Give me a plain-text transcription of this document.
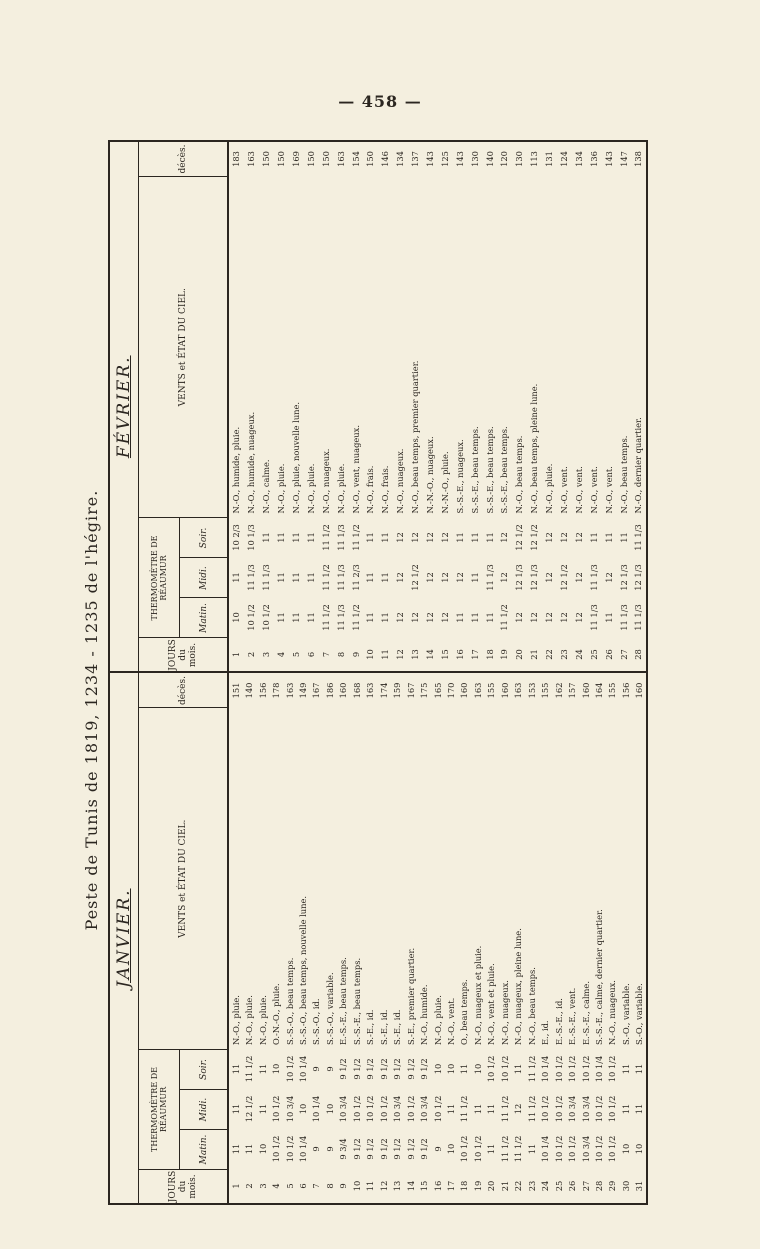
— 458 —
Peste de Tunis de 1819, 1234 - 1235 de l'hégire.
JANVIER.
JOURS du mois.
THERMOMÈTRE DE RÉAUMUR
Matin.
Midi.
Soir.
VENTS et ÉTAT DU CIEL.
décès.
1
11
11
11
N.-O., pluie.
151
2
11
12 1/2
11 1/2
N.-O., pluie.
140
3
10
11
11
N.-O., pluie.
156
4
10 1/2
10 1/2
10
O.-N.-O., pluie.
178
5
10 1/2
10 3/4
10 1/2
S.-S.-O., beau temps.
163
6
10 1/4
10
10 1/4
S.-S.-O., beau temps, nouvelle lune.
149
7
9
10 1/4
9
S.-S.-O., id.
167
8
9
10
9
S.-S.-O., variable.
186
9
9 3/4
10 3/4
9 1/2
E.-S.-E., beau temps.
160
10
9 1/2
10 1/2
9 1/2
S.-S.-E., beau temps.
168
11
9 1/2
10 1/2
9 1/2
S.-E., id.
163
12
9 1/2
10 1/2
9 1/2
S.-E., id.
174
13
9 1/2
10 3/4
9 1/2
S.-E., id.
159
14
9 1/2
10 1/2
9 1/2
S.-E., premier quartier.
167
15
9 1/2
10 3/4
9 1/2
N.-O., humide.
175
16
9
10 1/2
10
N.-O., pluie.
165
17
10
11
10
N.-O., vent.
170
18
10 1/2
11 1/2
11
O., beau temps.
160
19
10 1/2
11
10
N.-O., nuageux et pluie.
163
20
11
11
10 1/2
N.-O., vent et pluie.
155
21
11 1/2
11 1/2
10 1/2
N.-O., nuageux.
160
22
11 1/2
12
11
N.-O., nuageux, pleine lune.
163
23
11
11 1/2
11 1/2
N.-O., beau temps.
153
24
10 1/4
10 1/2
10 1/4
E., id.
155
25
10 1/2
10 1/2
10 1/2
E.-S.-E., id.
162
26
10 1/2
10 3/4
10 1/2
E.-S.-E., vent.
157
27
10 3/4
10 3/4
10 1/2
E.-S.-E., calme.
160
28
10 1/2
10 1/2
10 1/4
S.-S.-E., calme, dernier quartier.
164
29
10 1/2
10 1/2
10 1/2
N.-O., nuageux.
155
30
10
11
11
S.-O., variable.
156
31
10
11
11
S.-O., variable.
160
FÉVRIER.
JOURS du mois.
THERMOMÈTRE DE RÉAUMUR
Matin.
Midi.
Soir.
VENTS et ÉTAT DU CIEL.
décès.
1
10
11
10 2/3
N.-O., humide, pluie.
183
2
10 1/2
11 1/3
10 1/3
N.-O., humide, nuageux.
163
3
10 1/2
11 1/3
11
N.-O., calme.
150
4
11
11
11
N.-O., pluie.
150
5
11
11
11
N.-O., pluie, nouvelle lune.
169
6
11
11
11
N.-O., pluie.
150
7
11 1/2
11 1/2
11 1/2
N.-O., nuageux.
150
8
11 1/3
11 1/3
11 1/3
N.-O., pluie.
163
9
11 1/2
11 2/3
11 1/2
N.-O., vent, nuageux.
154
10
11
11
11
N.-O., frais.
150
11
11
11
11
N.-O., frais.
146
12
12
12
12
N.-O., nuageux.
134
13
12
12 1/2
12
N.-O., beau temps, premier quartier.
137
14
12
12
12
N.-N.-O., nuageux.
143
15
12
12
12
N.-N.-O., pluie.
125
16
11
12
11
S.-S.-E., nuageux.
143
17
11
11
11
S.-S.-E., beau temps.
130
18
11
11 1/3
11
S.-S.-E., beau temps.
140
19
11 1/2
12
12
S.-S.-E., beau temps.
120
20
12
12 1/3
12 1/2
N.-O., beau temps.
130
21
12
12 1/3
12 1/2
N.-O., beau temps, pleine lune.
113
22
12
12
12
N.-O., pluie.
131
23
12
12 1/2
12
N.-O., vent.
124
24
12
12
12
N.-O., vent.
134
25
11 1/3
11 1/3
11
N.-O., vent.
136
26
11
12
11
N.-O., vent.
143
27
11 1/3
12 1/3
11
N.-O., beau temps.
147
28
11 1/3
12 1/3
11 1/3
N.-O., dernier quartier.
138
